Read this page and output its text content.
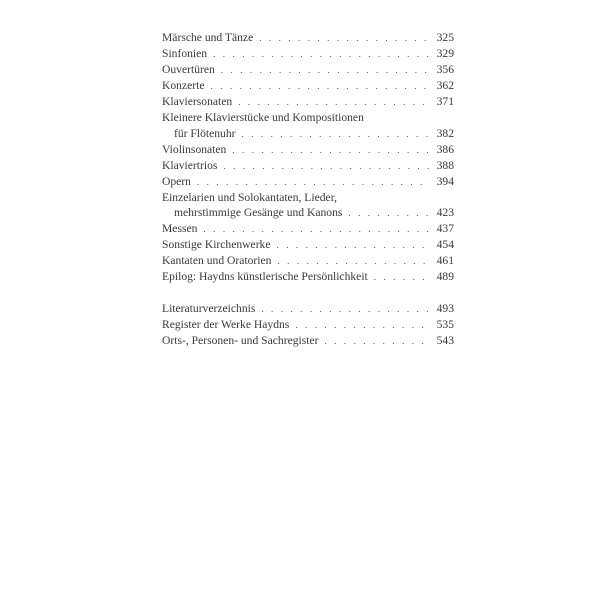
Märsche und Tänze . . .	325
Sinfonien . . .	329
Ouvertüren . . .	356
Konzerte . . .	362
Klaviersonaten . . .	371
Kleinere Klavierstücke und Kompositionen
für Flötenuhr . . .	382
Violinsonaten . . .	386
Klaviertrios . . .	388
Opern . . .	394
Einzelarien und Solokantaten, Lieder,
mehrstimmige Gesänge und Kanons . . .	423
Messen . . .	437
Sonstige Kirchenwerke . . .	454
Kantaten und Oratorien . . .	461
Epilog: Haydns künstlerische Persönlichkeit . . .	489
Literaturverzeichnis . . .	493
Register der Werke Haydns . . .	535
Orts-, Personen- und Sachregister . . .	543
